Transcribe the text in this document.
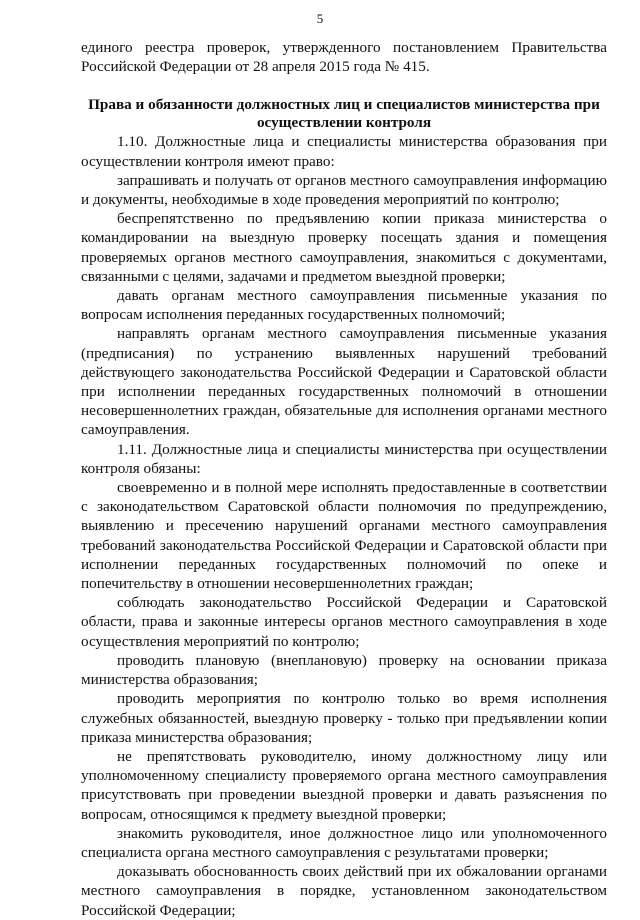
5

единого реестра проверок, утвержденного постановлением Правительства Российской Федерации от 28 апреля 2015 года № 415.

Права и обязанности должностных лиц и специалистов министерства при осуществлении контроля

1.10. Должностные лица и специалисты министерства образования при осуществлении контроля имеют право:

запрашивать и получать от органов местного самоуправления информацию и документы, необходимые в ходе проведения мероприятий по контролю;

беспрепятственно по предъявлению копии приказа министерства о командировании на выездную проверку посещать здания и помещения проверяемых органов местного самоуправления, знакомиться с документами, связанными с целями, задачами и предметом выездной проверки;

давать органам местного самоуправления письменные указания по вопросам исполнения переданных государственных полномочий;

направлять органам местного самоуправления письменные указания (предписания) по устранению выявленных нарушений требований действующего законодательства Российской Федерации и Саратовской области при исполнении переданных государственных полномочий в отношении несовершеннолетних граждан, обязательные для исполнения органами местного самоуправления.

1.11. Должностные лица и специалисты министерства при осуществлении контроля обязаны:

своевременно и в полной мере исполнять предоставленные в соответствии с законодательством Саратовской области полномочия по предупреждению, выявлению и пресечению нарушений органами местного самоуправления требований законодательства Российской Федерации и Саратовской области при исполнении переданных государственных полномочий по опеке и попечительству в отношении несовершеннолетних граждан;

соблюдать законодательство Российской Федерации и Саратовской области, права и законные интересы органов местного самоуправления в ходе осуществления мероприятий по контролю;

проводить плановую (внеплановую) проверку на основании приказа министерства образования;

проводить мероприятия по контролю только во время исполнения служебных обязанностей, выездную проверку - только при предъявлении копии приказа министерства образования;

не препятствовать руководителю, иному должностному лицу или уполномоченному специалисту проверяемого органа местного самоуправления присутствовать при проведении выездной проверки и давать разъяснения по вопросам, относящимся к предмету выездной проверки;

знакомить руководителя, иное должностное лицо или уполномоченного специалиста органа местного самоуправления с результатами проверки;

доказывать обоснованность своих действий при их обжаловании органами местного самоуправления в порядке, установленном законодательством Российской Федерации;
